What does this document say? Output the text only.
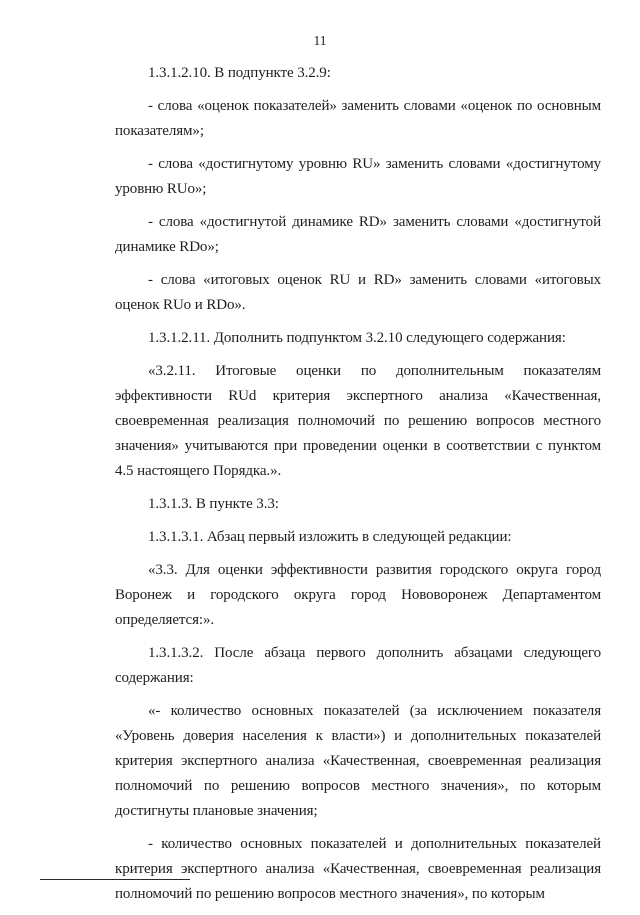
11

1.3.1.2.10. В подпункте 3.2.9:

- слова «оценок показателей» заменить словами «оценок по основным показателям»;

- слова «достигнутому уровню RU» заменить словами «достигнутому уровню RUo»;

- слова «достигнутой динамике RD» заменить словами «достигнутой динамике RDo»;

- слова «итоговых оценок RU и RD» заменить словами «итоговых оценок RUo и RDo».

1.3.1.2.11. Дополнить подпунктом 3.2.10 следующего содержания:

«3.2.11. Итоговые оценки по дополнительным показателям эффективности RUd критерия экспертного анализа «Качественная, своевременная реализация полномочий по решению вопросов местного значения» учитываются при проведении оценки в соответствии с пунктом 4.5 настоящего Порядка.».

1.3.1.3. В пункте 3.3:

1.3.1.3.1. Абзац первый изложить в следующей редакции:

«3.3. Для оценки эффективности развития городского округа город Воронеж и городского округа город Нововоронеж Департаментом определяется:».

1.3.1.3.2. После абзаца первого дополнить абзацами следующего содержания:

«- количество основных показателей (за исключением показателя «Уровень доверия населения к власти») и дополнительных показателей критерия экспертного анализа «Качественная, своевременная реализация полномочий по решению вопросов местного значения», по которым достигнуты плановые значения;

- количество основных показателей и дополнительных показателей критерия экспертного анализа «Качественная, своевременная реализация полномочий по решению вопросов местного значения», по которым
